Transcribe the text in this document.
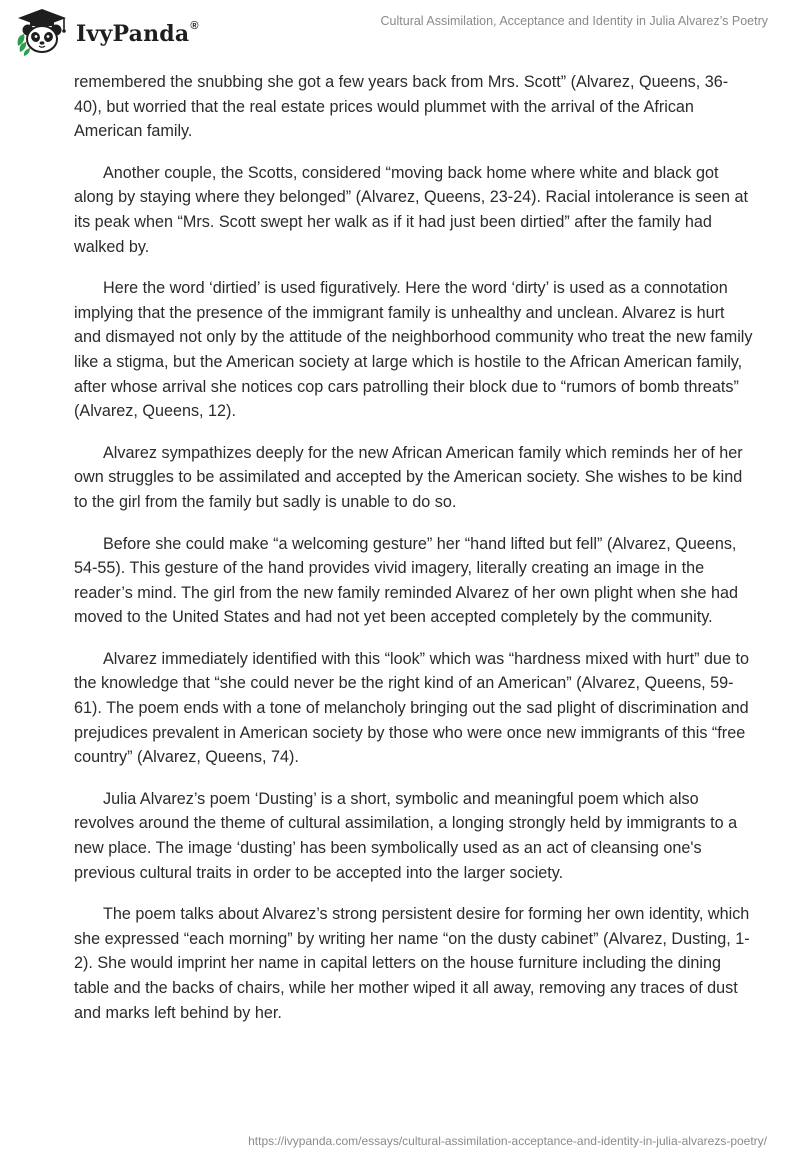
IvyPanda®	Cultural Assimilation, Acceptance and Identity in Julia Alvarez’s Poetry

remembered the snubbing she got a few years back from Mrs. Scott” (Alvarez, Queens, 36-40), but worried that the real estate prices would plummet with the arrival of the African American family.

Another couple, the Scotts, considered “moving back home where white and black got along by staying where they belonged” (Alvarez, Queens, 23-24). Racial intolerance is seen at its peak when “Mrs. Scott swept her walk as if it had just been dirtied” after the family had walked by.

Here the word ‘dirtied’ is used figuratively. Here the word ‘dirty’ is used as a connotation implying that the presence of the immigrant family is unhealthy and unclean. Alvarez is hurt and dismayed not only by the attitude of the neighborhood community who treat the new family like a stigma, but the American society at large which is hostile to the African American family, after whose arrival she notices cop cars patrolling their block due to “rumors of bomb threats” (Alvarez, Queens, 12).

Alvarez sympathizes deeply for the new African American family which reminds her of her own struggles to be assimilated and accepted by the American society. She wishes to be kind to the girl from the family but sadly is unable to do so.

Before she could make “a welcoming gesture” her “hand lifted but fell” (Alvarez, Queens, 54-55). This gesture of the hand provides vivid imagery, literally creating an image in the reader’s mind. The girl from the new family reminded Alvarez of her own plight when she had moved to the United States and had not yet been accepted completely by the community.

Alvarez immediately identified with this “look” which was “hardness mixed with hurt” due to the knowledge that “she could never be the right kind of an American” (Alvarez, Queens, 59-61). The poem ends with a tone of melancholy bringing out the sad plight of discrimination and prejudices prevalent in American society by those who were once new immigrants of this “free country” (Alvarez, Queens, 74).

Julia Alvarez’s poem ‘Dusting’ is a short, symbolic and meaningful poem which also revolves around the theme of cultural assimilation, a longing strongly held by immigrants to a new place. The image ‘dusting’ has been symbolically used as an act of cleansing one's previous cultural traits in order to be accepted into the larger society.

The poem talks about Alvarez’s strong persistent desire for forming her own identity, which she expressed “each morning” by writing her name “on the dusty cabinet” (Alvarez, Dusting, 1-2). She would imprint her name in capital letters on the house furniture including the dining table and the backs of chairs, while her mother wiped it all away, removing any traces of dust and marks left behind by her.

https://ivypanda.com/essays/cultural-assimilation-acceptance-and-identity-in-julia-alvarezs-poetry/
